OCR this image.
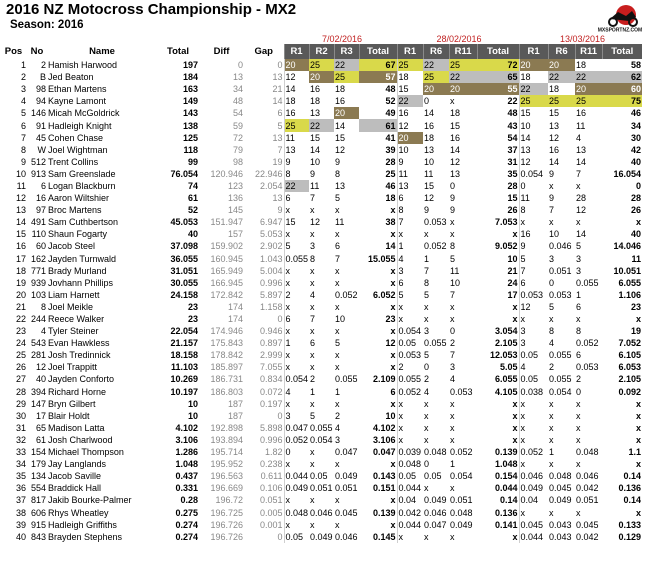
2016 NZ Motocross Championship - MX2
Season: 2016	MXSPORTNZ.COM
7/02/2016	28/02/2016	13/03/2016
Pos	No	Name	Total	Diff	Gap	R1	R2	R3	Total	R1	R6	R11	Total	R1	R6	R11	Total
1	2	Hamish Harwood	197	0	0	20	25	22	67	25	22	25	72	20	20	18	58
2	B	Jed Beaton	184	13	13	12	20	25	57	18	25	22	65	18	22	22	62
3	98	Ethan Martens	163	34	21	14	16	18	48	15	20	20	55	22	18	20	60
4	94	Kayne Lamont	149	48	14	18	18	16	52	22	0	x	22	25	25	25	75
5	146	Micah McGoldrick	143	54	6	16	13	20	49	16	14	18	48	15	15	16	46
6	91	Hadleigh Knight	138	59	5	25	22	14	61	12	16	15	43	10	13	11	34
7	45	Cohen Chase	125	72	13	11	15	15	41	20	18	16	54	14	12	4	30
8	W	Joel Wightman	118	79	7	13	14	12	39	10	13	14	37	13	16	13	42
9	512	Trent Collins	99	98	19	9	10	9	28	9	10	12	31	12	14	14	40
10	913	Sam Greenslade	76.054	120.946	22.946	8	9	8	25	11	11	13	35	0.054	9	7	16.054
11	6	Logan Blackburn	74	123	2.054	22	11	13	46	13	15	0	28	0	x	x	0
12	16	Aaron Wiltshier	61	136	13	6	7	5	18	6	12	9	15	11	9	28	28
13	97	Broc Martens	52	145	9	x	x	x	x	8	9	9	26	8	7	12	26
14	491	Sam Cuthbertson	45.053	151.947	6.947	15	12	11	38	7	0.053	x	7.053	x	x	x	x
15	110	Shaun Fogarty	40	157	5.053	x	x	x	x	x	x	x	x	16	10	14	40
16	60	Jacob Steel	37.098	159.902	2.902	5	3	6	14	1	0.052	8	9.052	9	0.046	5	14.046
17	162	Jayden Turnwald	36.055	160.945	1.043	0.055	8	7	15.055	4	1	5	10	5	3	3	11
18	771	Brady Murland	31.051	165.949	5.004	x	x	x	x	3	7	11	21	7	0.051	3	10.051
19	939	Jovhann Phillips	30.055	166.945	0.996	x	x	x	x	6	8	10	24	6	0	0.055	6.055
20	103	Liam Harnett	24.158	172.842	5.897	2	4	0.052	6.052	5	5	7	17	0.053	0.053	1	1.106
21	8	Joel Meikle	23	174	1.158	x	x	x	x	x	x	x	x	12	5	6	23
22	244	Reece Walker	23	174	0	6	7	10	23	x	x	x	x	x	x	x	x
23	4	Tyler Steiner	22.054	174.946	0.946	x	x	x	x	0.054	3	0	3.054	3	8	8	19
24	543	Evan Hawkless	21.157	175.843	0.897	1	6	5	12	0.05	0.055	2	2.105	3	4	0.052	7.052
25	281	Josh Tredinnick	18.158	178.842	2.999	x	x	x	x	0.053	5	7	12.053	0.05	0.055	6	6.105
26	12	Joel Trappitt	11.103	185.897	7.055	x	x	x	x	2	0	3	5.05	4	2	0.053	6.053
27	40	Jayden Conforto	10.269	186.731	0.834	0.054	2	0.055	2.109	0.055	2	4	6.055	0.05	0.055	2	2.105
28	394	Richard Horne	10.197	186.803	0.072	4	1	1	6	0.052	4	0.053	4.105	0.038	0.054	0	0.092
29	147	Bryn Gilbert	10	187	0.197	x	x	x	x	x	x	x	x	x	x	x	x
30	17	Blair Holdt	10	187	0	3	5	2	10	x	x	x	x	x	x	x	x
31	65	Madison Latta	4.102	192.898	5.898	0.047	0.055	4	4.102	x	x	x	x	x	x	x	x
32	61	Josh Charlwood	3.106	193.894	0.996	0.052	0.054	3	3.106	x	x	x	x	x	x	x	x
33	154	Michael Thompson	1.286	195.714	1.82	0	x	0.047	0.047	0.039	0.048	0.052	0.139	0.052	1	0.048	1.1
34	179	Jay Langlands	1.048	195.952	0.238	x	x	x	x	0.048	0	1	1.048	x	x	x	x
35	134	Jacob Saville	0.437	196.563	0.611	0.044	0.05	0.049	0.143	0.05	0.05	0.054	0.154	0.046	0.048	0.046	0.14
36	554	Braddick Hall	0.331	196.669	0.106	0.049	0.051	0.051	0.151	0.044	x	x	0.044	0.049	0.045	0.042	0.136
37	817	Jakib Bourke-Palmer	0.28	196.72	0.051	x	x	x	x	0.04	0.049	0.051	0.14	0.04	0.049	0.051	0.14
38	606	Rhys Wheatley	0.275	196.725	0.005	0.048	0.046	0.045	0.139	0.042	0.046	0.048	0.136	x	x	x	x
39	915	Hadleigh Griffiths	0.274	196.726	0.001	x	x	x	x	0.044	0.047	0.049	0.141	0.045	0.043	0.045	0.133
40	843	Brayden Stephens	0.274	196.726	0	0.05	0.049	0.046	0.145	x	x	x	x	0.044	0.043	0.042	0.129
